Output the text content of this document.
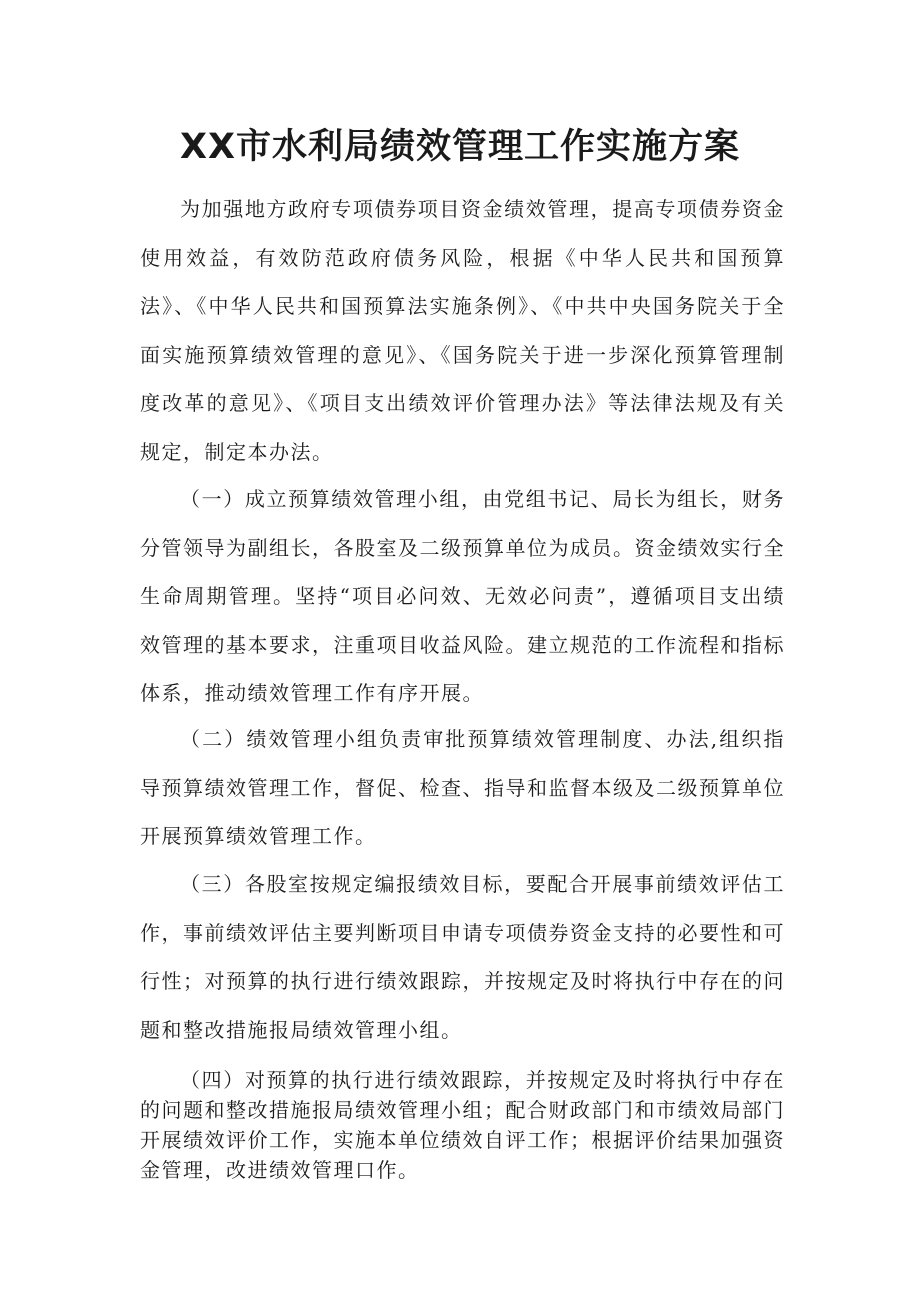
XX市水利局绩效管理工作实施方案

为加强地方政府专项债券项目资金绩效管理，提高专项债券资金使用效益，有效防范政府债务风险，根据《中华人民共和国预算法》、《中华人民共和国预算法实施条例》、《中共中央国务院关于全面实施预算绩效管理的意见》、《国务院关于进一步深化预算管理制度改革的意见》、《项目支出绩效评价管理办法》等法律法规及有关规定，制定本办法。

（一）成立预算绩效管理小组，由党组书记、局长为组长，财务分管领导为副组长，各股室及二级预算单位为成员。资金绩效实行全生命周期管理。坚持“项目必问效、无效必问责”，遵循项目支出绩效管理的基本要求，注重项目收益风险。建立规范的工作流程和指标体系，推动绩效管理工作有序开展。

（二）绩效管理小组负责审批预算绩效管理制度、办法,组织指导预算绩效管理工作，督促、检查、指导和监督本级及二级预算单位开展预算绩效管理工作。

（三）各股室按规定编报绩效目标，要配合开展事前绩效评估工作，事前绩效评估主要判断项目申请专项债券资金支持的必要性和可行性；对预算的执行进行绩效跟踪，并按规定及时将执行中存在的问题和整改措施报局绩效管理小组。

（四）对预算的执行进行绩效跟踪，并按规定及时将执行中存在的问题和整改措施报局绩效管理小组；配合财政部门和市绩效局部门开展绩效评价工作，实施本单位绩效自评工作；根据评价结果加强资金管理，改进绩效管理口作。
